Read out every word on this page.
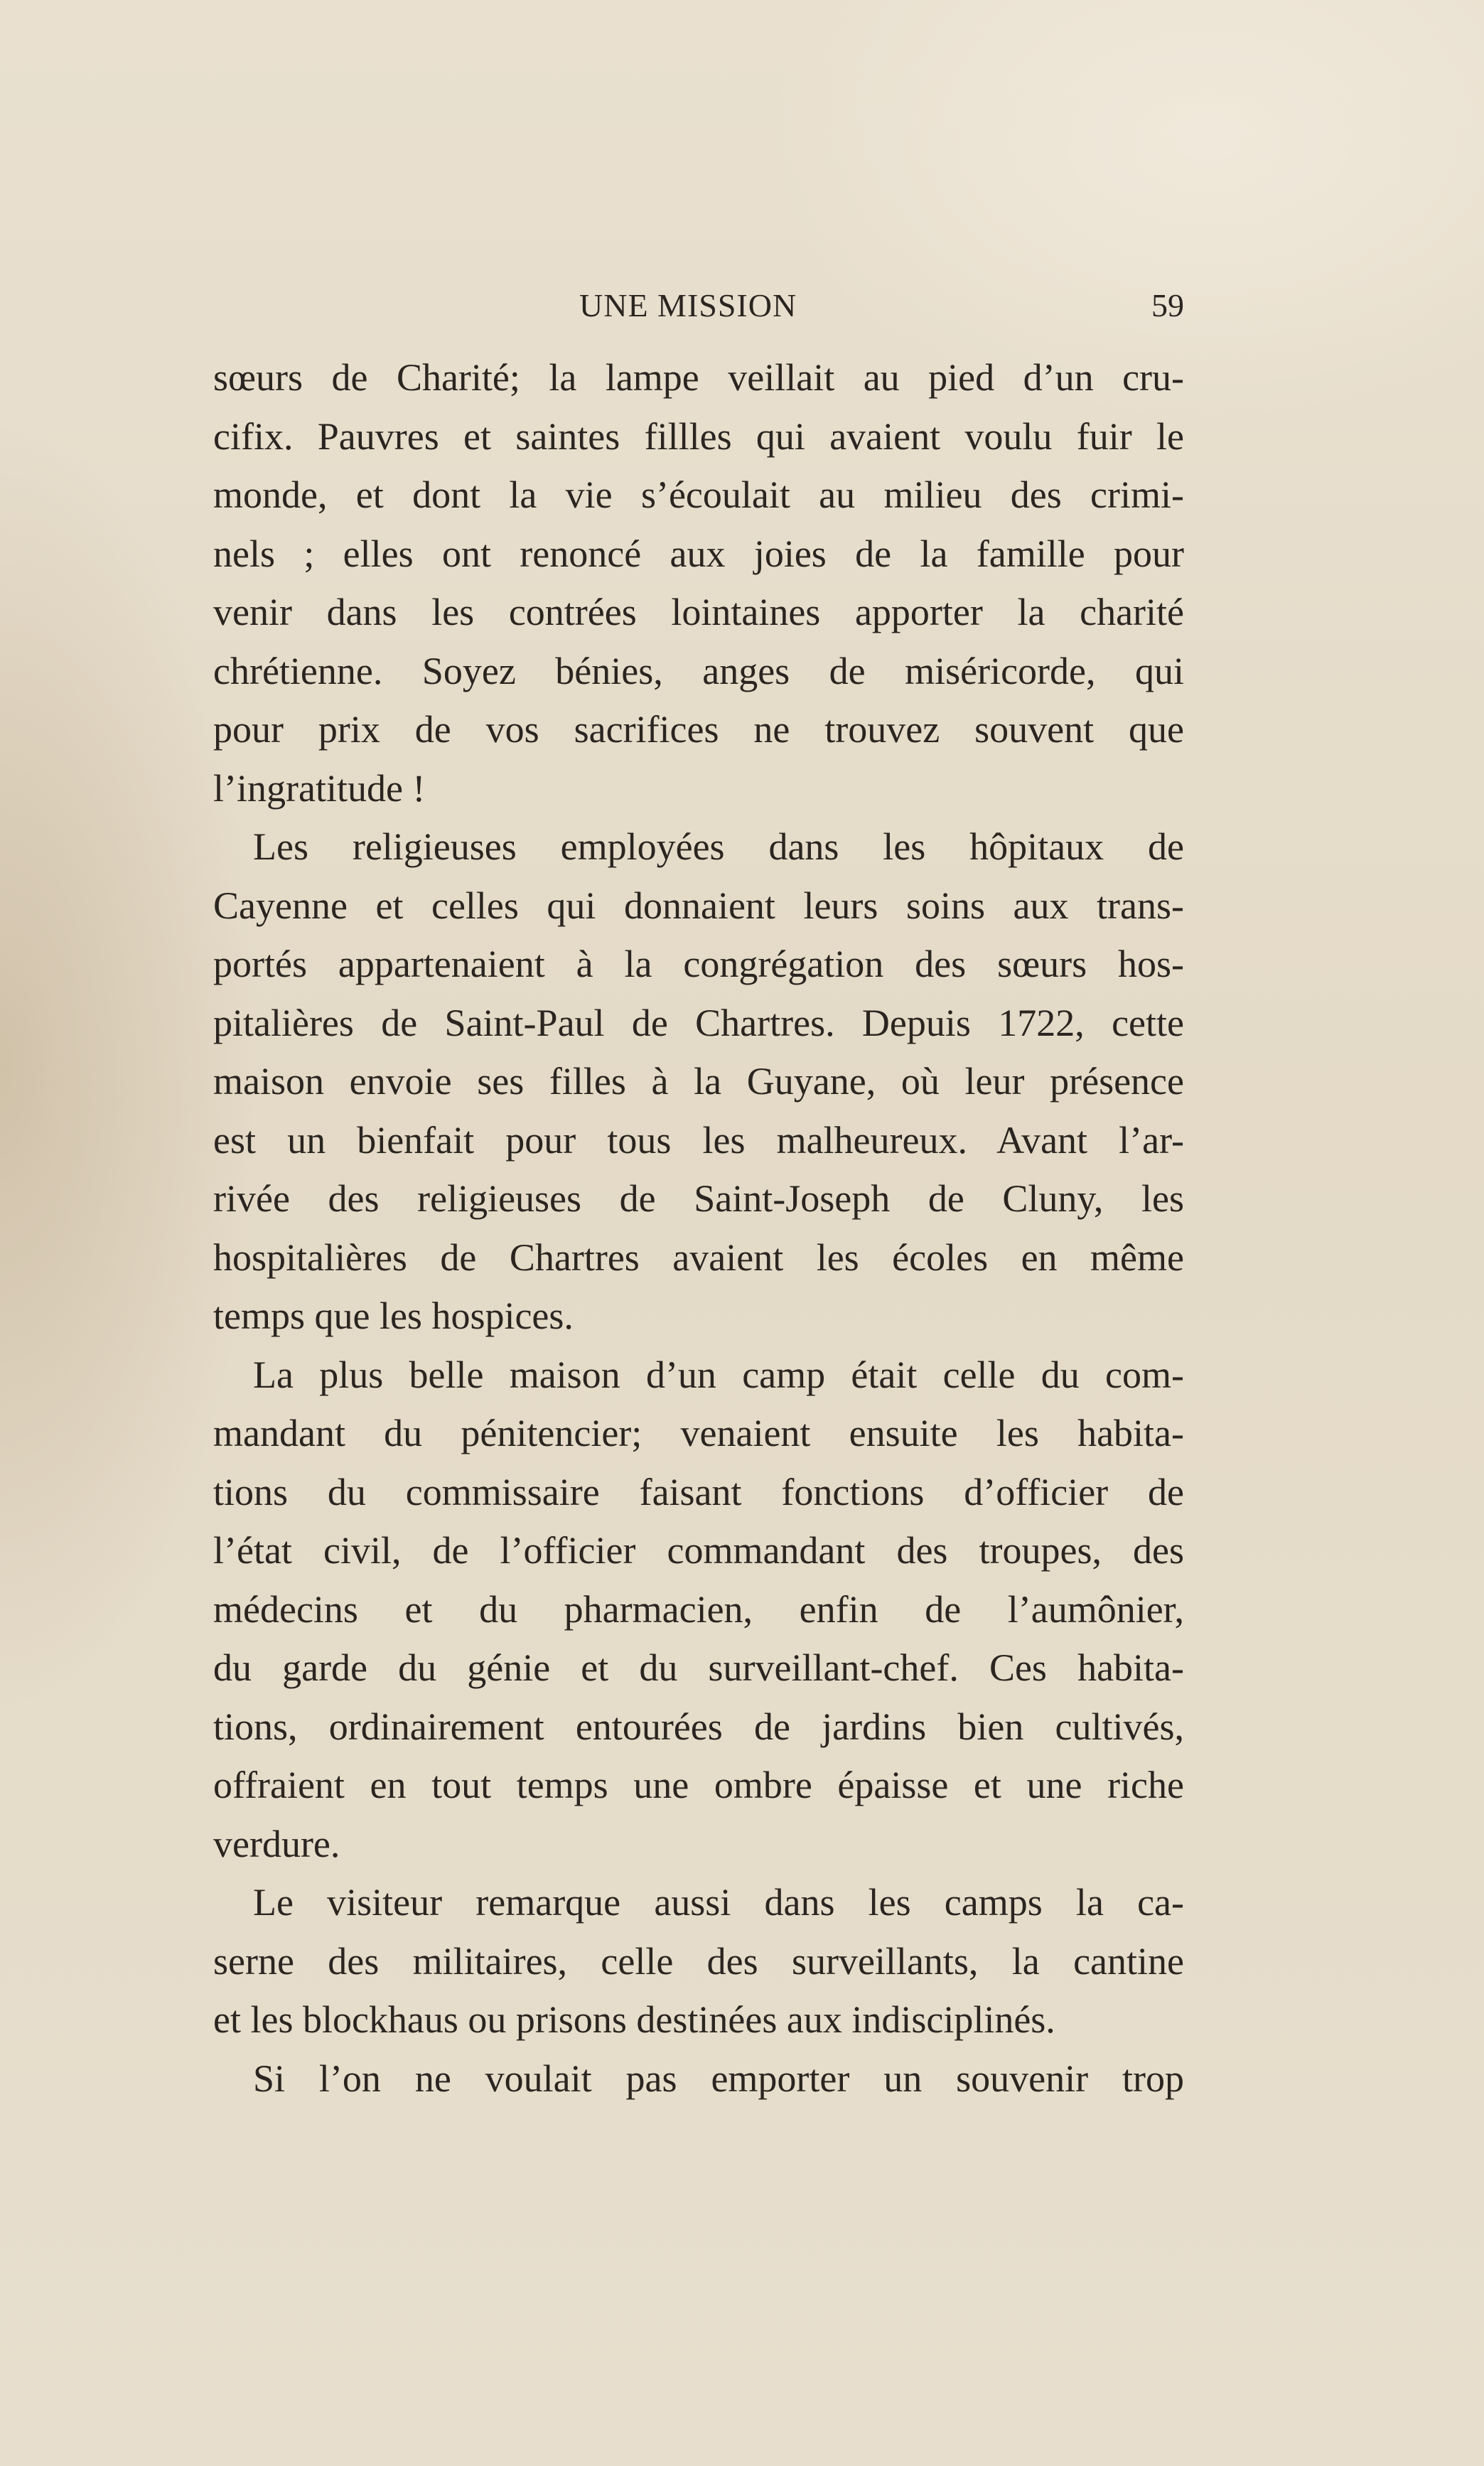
UNE MISSION	59

sœurs de Charité; la lampe veillait au pied d’un cru-
cifix. Pauvres et saintes fillles qui avaient voulu fuir le
monde, et dont la vie s’écoulait au milieu des crimi-
nels ; elles ont renoncé aux joies de la famille pour
venir dans les contrées lointaines apporter la charité
chrétienne. Soyez bénies, anges de miséricorde, qui
pour prix de vos sacrifices ne trouvez souvent que
l’ingratitude !

Les religieuses employées dans les hôpitaux de
Cayenne et celles qui donnaient leurs soins aux trans-
portés appartenaient à la congrégation des sœurs hos-
pitalières de Saint-Paul de Chartres. Depuis 1722, cette
maison envoie ses filles à la Guyane, où leur présence
est un bienfait pour tous les malheureux. Avant l’ar-
rivée des religieuses de Saint-Joseph de Cluny, les
hospitalières de Chartres avaient les écoles en même
temps que les hospices.

La plus belle maison d’un camp était celle du com-
mandant du pénitencier; venaient ensuite les habita-
tions du commissaire faisant fonctions d’officier de
l’état civil, de l’officier commandant des troupes, des
médecins et du pharmacien, enfin de l’aumônier,
du garde du génie et du surveillant-chef. Ces habita-
tions, ordinairement entourées de jardins bien cultivés,
offraient en tout temps une ombre épaisse et une riche
verdure.

Le visiteur remarque aussi dans les camps la ca-
serne des militaires, celle des surveillants, la cantine
et les blockhaus ou prisons destinées aux indisciplinés.

Si l’on ne voulait pas emporter un souvenir trop
